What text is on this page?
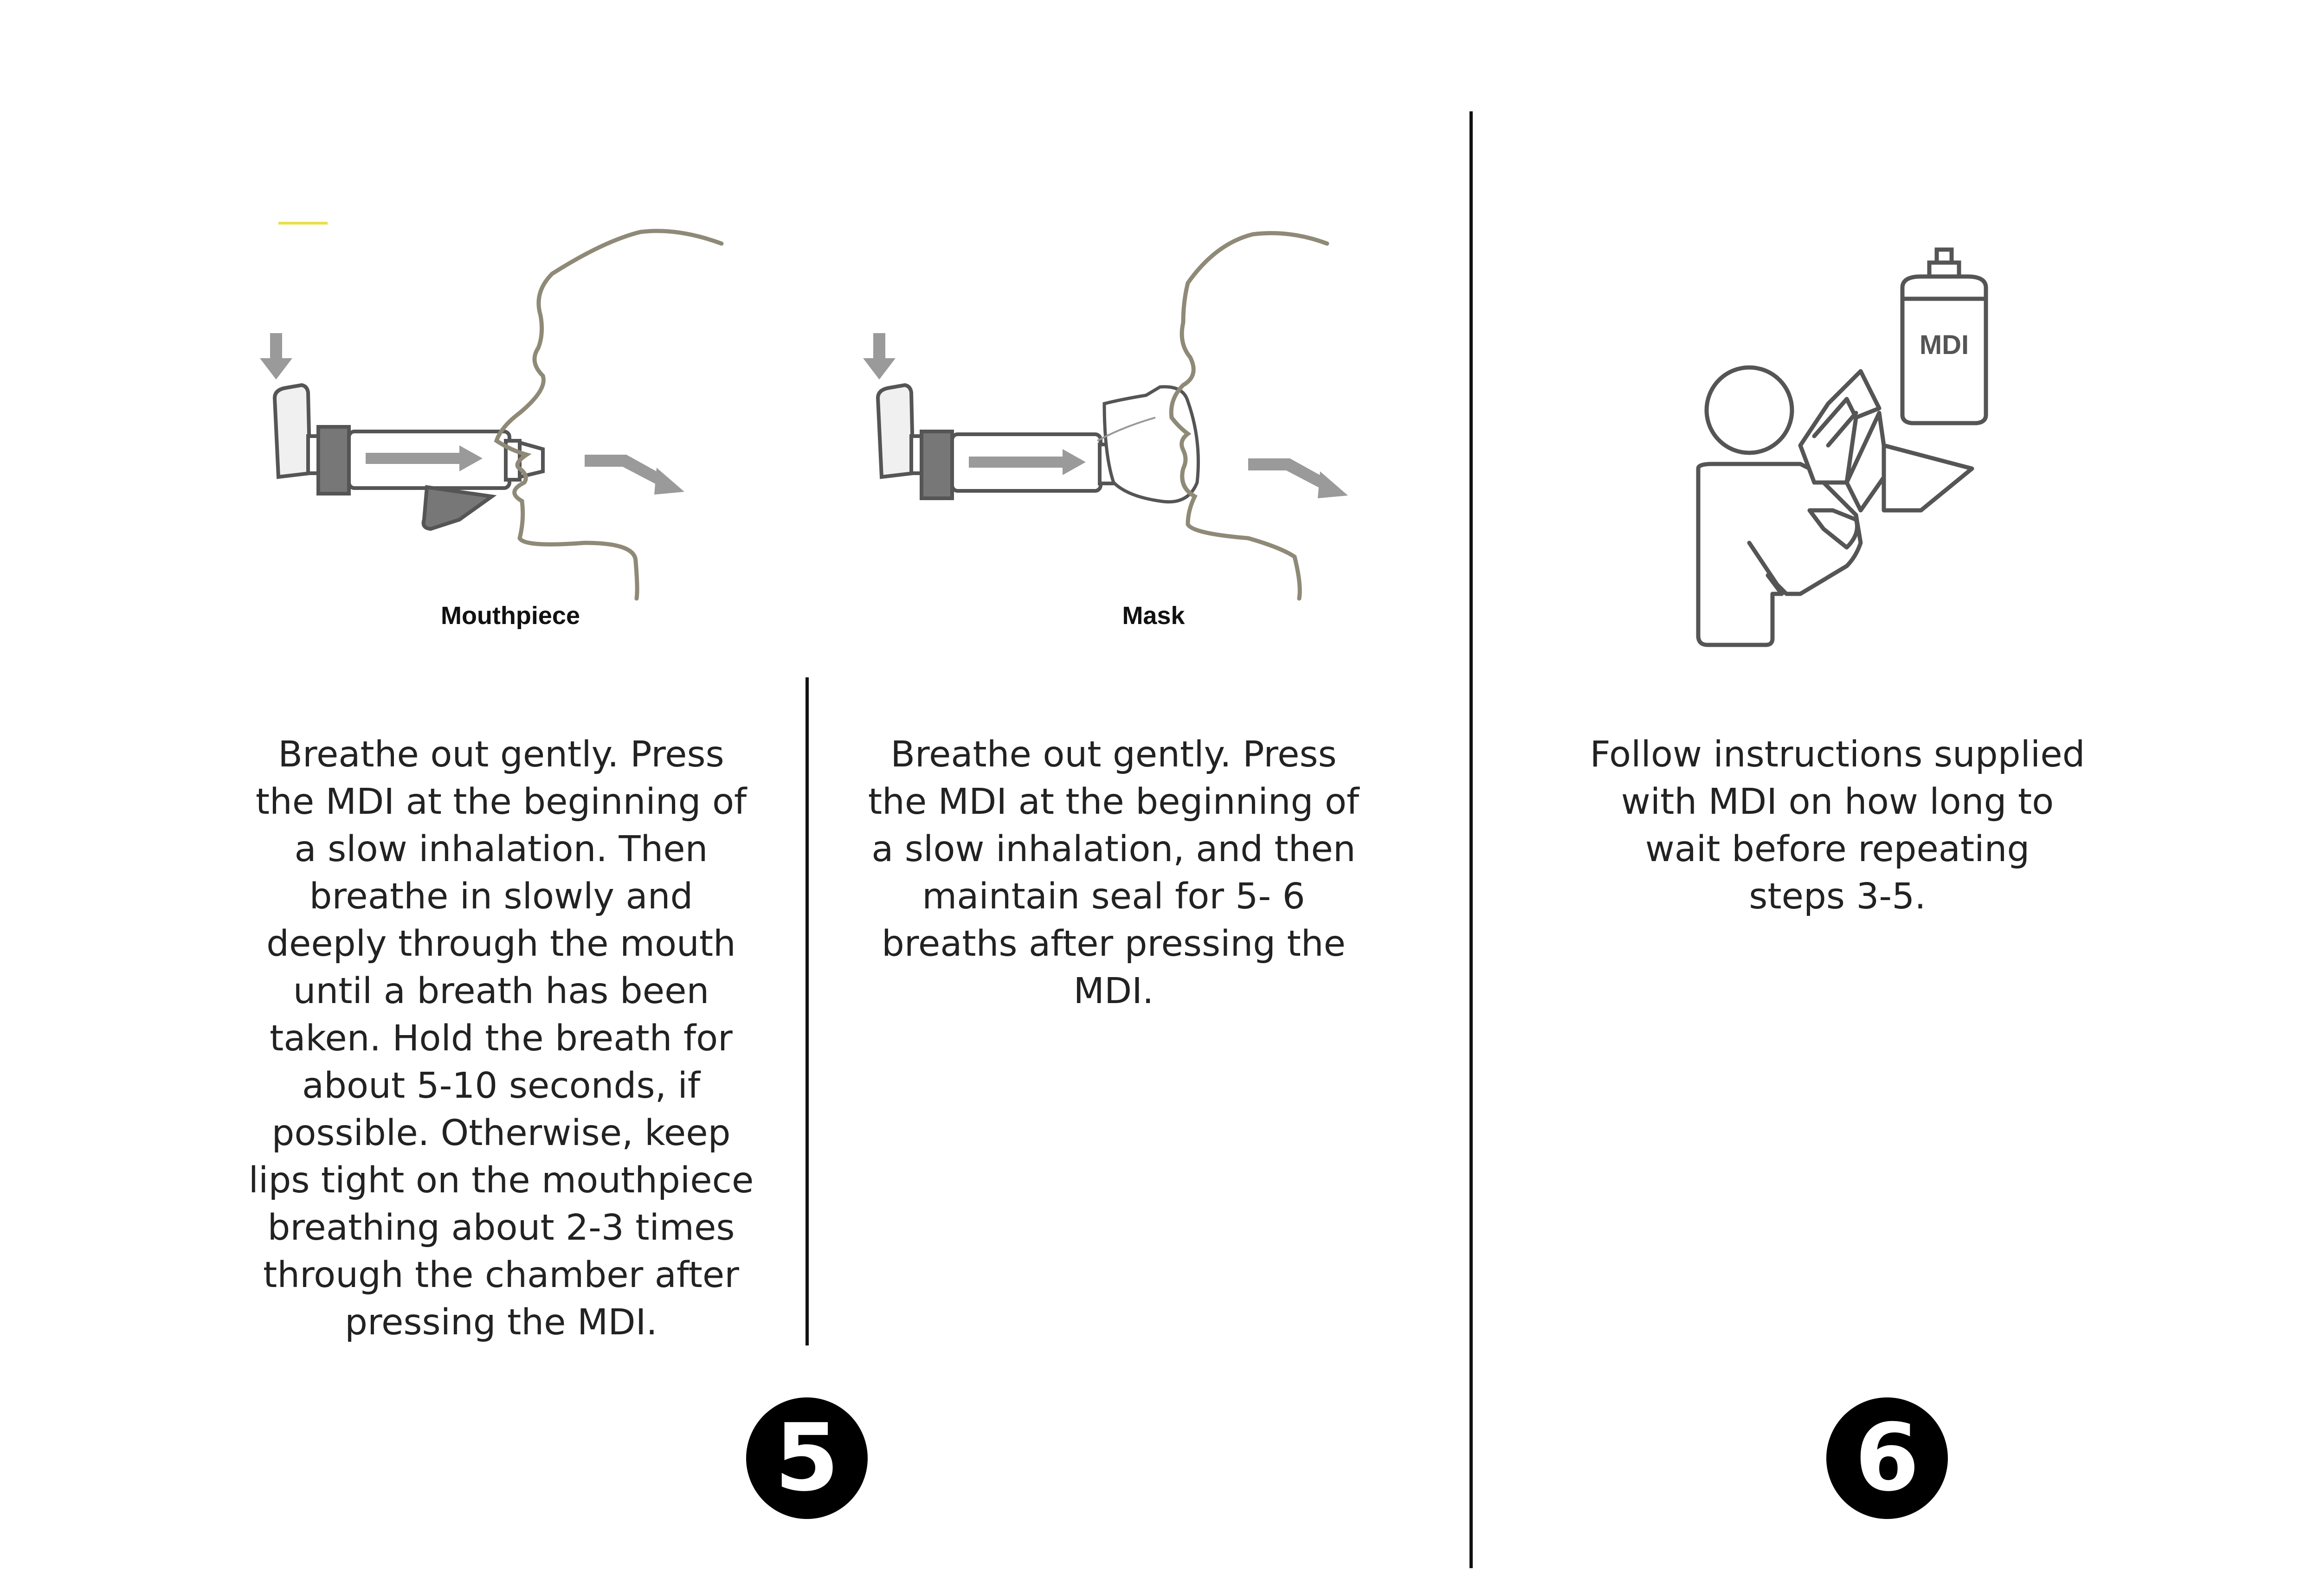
Mouthpiece	Mask
MDI
Breathe out gently. Press
the MDI at the beginning of
a slow inhalation. Then
breathe in slowly and
deeply through the mouth
until a breath has been
taken. Hold the breath for
about 5-10 seconds, if
possible. Otherwise, keep
lips tight on the mouthpiece
breathing about 2-3 times
through the chamber after
pressing the MDI.
Breathe out gently. Press
the MDI at the beginning of
a slow inhalation, and then
maintain seal for 5- 6
breaths after pressing the
MDI.
Follow instructions supplied
with MDI on how long to
wait before repeating
steps 3-5.
5	6
